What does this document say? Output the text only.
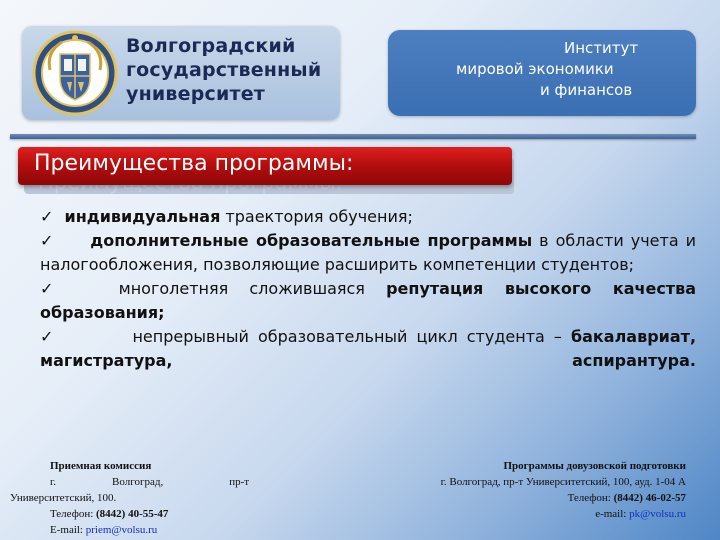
Волгоградский
государственный
университет
Институт
мировой экономики
и финансов
Преимущества программы:
✓ индивидуальная траектория обучения;
✓ дополнительные образовательные программы в области учета и налогообложения, позволяющие расширить компетенции студентов;
✓	многолетняя сложившаяся репутация высокого качества образования;
✓	непрерывный образовательный цикл студента – бакалавриат, магистратура, аспирантура.
Приемная комиссия
г.	Волгоград,	пр-т
Университетский, 100.
Телефон: (8442) 40-55-47
E-mail: priem@volsu.ru
Программы довузовской подготовки
г. Волгоград, пр-т Университетский, 100, ауд. 1-04 А
Телефон: (8442) 46-02-57
e-mail: pk@volsu.ru
